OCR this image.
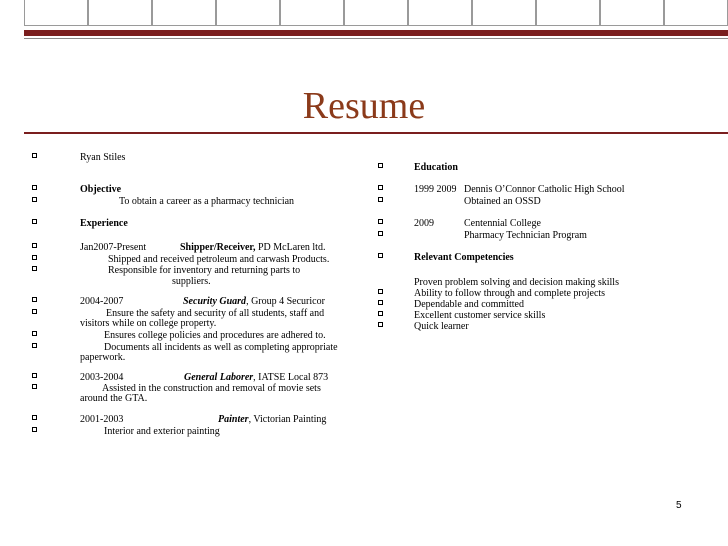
Resume
Ryan Stiles
Objective
To obtain a career as a pharmacy technician
Experience
Jan2007-Present	Shipper/Receiver, PD McLaren ltd.
Shipped and received petroleum and carwash Products.
Responsible for inventory and returning parts to
suppliers.
2004-2007	Security Guard, Group 4 Securicor
Ensure the safety and security of all students, staff and
visitors while on college property.
Ensures college policies and procedures are adhered to.
Documents all incidents as well as completing appropriate
paperwork.
2003-2004	General Laborer, IATSE Local 873
Assisted in the construction and removal of movie sets
around the GTA.
2001-2003	Painter, Victorian Painting
Interior and exterior painting
Education
1999 2009 Dennis O’Connor Catholic High School
Obtained an OSSD
2009	Centennial College
Pharmacy Technician Program
Relevant Competencies
Proven problem solving and decision making skills
Ability to follow through and complete projects
Dependable and committed
Excellent customer service skills
Quick learner
5
